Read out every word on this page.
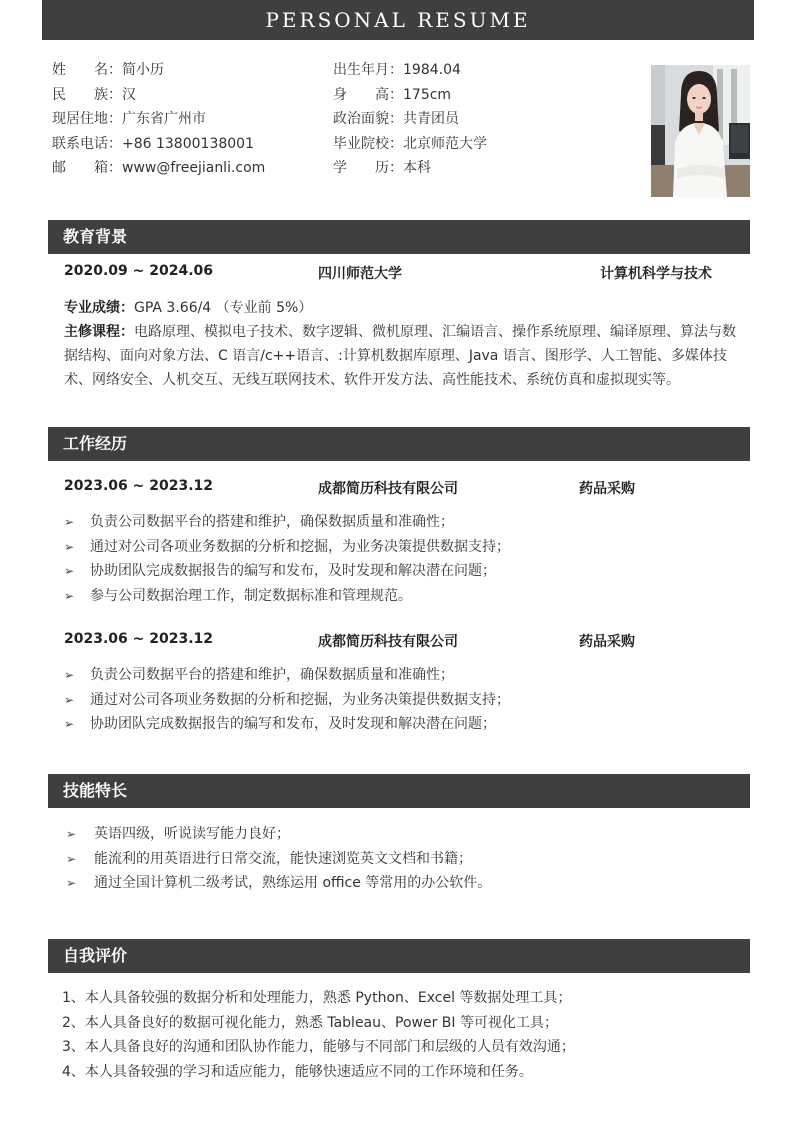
PERSONAL RESUME
姓 名 ：简小历
民 族 ：汉
现居住地：广东省广州市
联系电话：+86 13800138001
邮 箱 ：www@freejianli.com
出生年月：1984.04
身 高 ：175cm
政治面貌：共青团员
毕业院校：北京师范大学
学 历 ：本科
教育背景
2020.09 ~ 2024.06	四川师范大学	计算机科学与技术
专业成绩：GPA 3.66/4 （专业前 5%）
主修课程：电路原理、模拟电子技术、数字逻辑、微机原理、汇编语言、操作系统原理、编译原理、算法与数据结构、面向对象方法、C 语言/c++语言、:计算机数据库原理、Java 语言、图形学、人工智能、多媒体技术、网络安全、人机交互、无线互联网技术、软件开发方法、高性能技术、系统仿真和虚拟现实等。
工作经历
2023.06 ~ 2023.12	成都简历科技有限公司	药品采购
➢ 负责公司数据平台的搭建和维护，确保数据质量和准确性；
➢ 通过对公司各项业务数据的分析和挖掘，为业务决策提供数据支持；
➢ 协助团队完成数据报告的编写和发布，及时发现和解决潜在问题；
➢ 参与公司数据治理工作，制定数据标准和管理规范。
2023.06 ~ 2023.12	成都简历科技有限公司	药品采购
➢ 负责公司数据平台的搭建和维护，确保数据质量和准确性；
➢ 通过对公司各项业务数据的分析和挖掘，为业务决策提供数据支持；
➢ 协助团队完成数据报告的编写和发布，及时发现和解决潜在问题；
技能特长
➢ 英语四级，听说读写能力良好；
➢ 能流利的用英语进行日常交流，能快速浏览英文文档和书籍；
➢ 通过全国计算机二级考试，熟练运用 office 等常用的办公软件。
自我评价
1、本人具备较强的数据分析和处理能力，熟悉 Python、Excel 等数据处理工具；
2、本人具备良好的数据可视化能力，熟悉 Tableau、Power BI 等可视化工具；
3、本人具备良好的沟通和团队协作能力，能够与不同部门和层级的人员有效沟通；
4、本人具备较强的学习和适应能力，能够快速适应不同的工作环境和任务。
